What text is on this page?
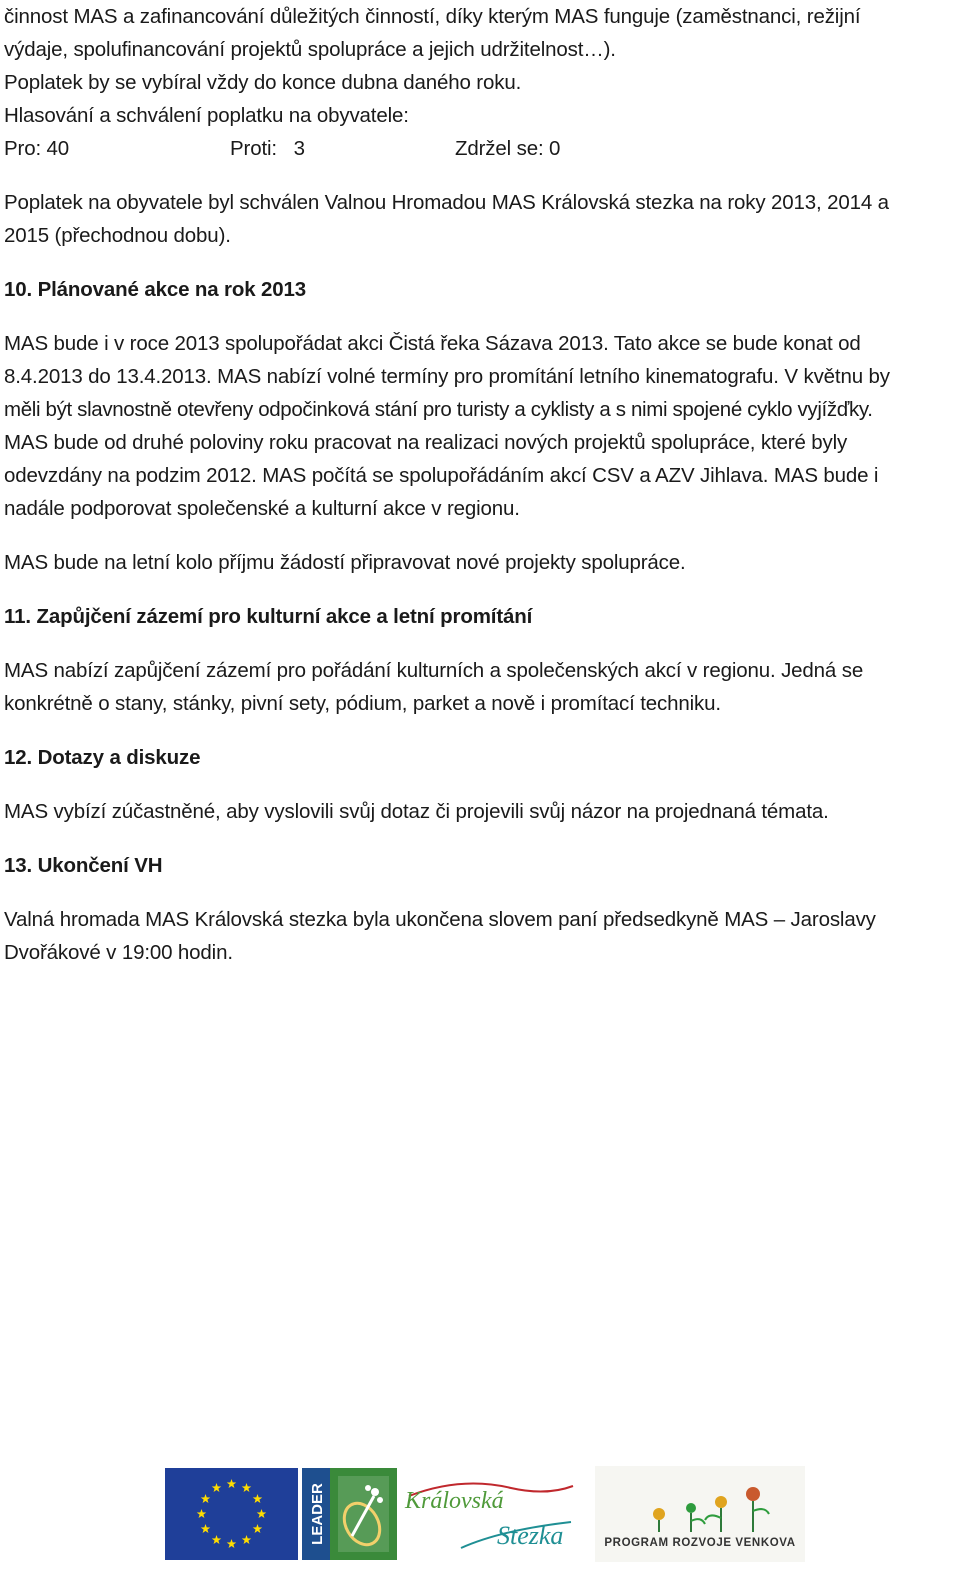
činnost MAS a zafinancování důležitých činností, díky kterým MAS funguje (zaměstnanci, režijní

výdaje, spolufinancování projektů spolupráce a jejich udržitelnost…).

Poplatek by se vybíral vždy do konce dubna daného roku.

Hlasování a schválení poplatku na obyvatele:

Pro: 40	Proti:   3	Zdržel se: 0

Poplatek na obyvatele byl schválen Valnou Hromadou MAS Královská stezka na roky 2013, 2014 a

2015 (přechodnou dobu).

10. Plánované akce na rok 2013

MAS bude i v roce 2013 spolupořádat akci Čistá řeka Sázava 2013. Tato akce se bude konat od

8.4.2013 do 13.4.2013. MAS nabízí volné termíny pro promítání letního kinematografu. V květnu by

měli být slavnostně otevřeny odpočinková stání pro turisty a cyklisty a s nimi spojené cyklo vyjížďky.

MAS bude od druhé poloviny roku pracovat na realizaci nových projektů spolupráce, které byly

odevzdány na podzim 2012. MAS počítá se spolupořádáním akcí CSV a AZV Jihlava. MAS bude i

nadále podporovat společenské a kulturní akce v regionu.

MAS bude na letní kolo příjmu žádostí připravovat nové projekty spolupráce.

11. Zapůjčení zázemí pro kulturní akce a letní promítání

MAS nabízí zapůjčení zázemí pro pořádání kulturních a společenských akcí v regionu. Jedná se

konkrétně o stany, stánky, pivní sety, pódium, parket a nově i promítací techniku.

12. Dotazy a diskuze

MAS vybízí zúčastněné, aby vyslovili svůj dotaz či projevili svůj názor na projednaná témata.

13. Ukončení VH

Valná hromada MAS Královská stezka byla ukončena slovem paní předsedkyně MAS – Jaroslavy

Dvořákové v 19:00 hodin.

LEADER	Královská
Stezka	PROGRAM ROZVOJE VENKOVA
